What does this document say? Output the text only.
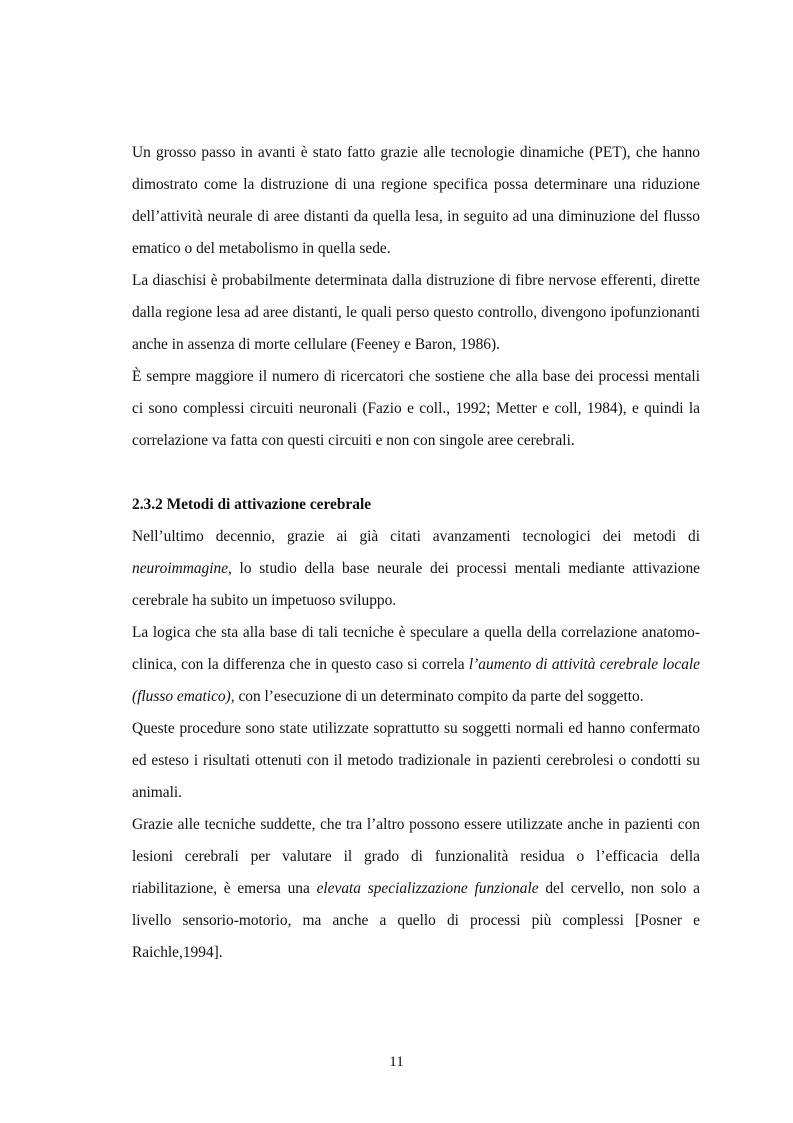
Un grosso passo in avanti è stato fatto grazie alle tecnologie dinamiche (PET), che hanno dimostrato come la distruzione di una regione specifica possa determinare una riduzione dell’attività neurale di aree distanti da quella lesa, in seguito ad una diminuzione del flusso ematico o del metabolismo in quella sede.

La diaschisi è probabilmente determinata dalla distruzione di fibre nervose efferenti, dirette dalla regione lesa ad aree distanti, le quali perso questo controllo, divengono ipofunzionanti anche in assenza di morte cellulare (Feeney e Baron, 1986).

È sempre maggiore il numero di ricercatori che sostiene che alla base dei processi mentali ci sono complessi circuiti neuronali (Fazio e coll., 1992; Metter e coll, 1984), e quindi la correlazione va fatta con questi circuiti e non con singole aree cerebrali.

2.3.2 Metodi di attivazione cerebrale

Nell’ultimo decennio, grazie ai già citati avanzamenti tecnologici dei metodi di neuroimmagine, lo studio della base neurale dei processi mentali mediante attivazione cerebrale ha subito un impetuoso sviluppo.

La logica che sta alla base di tali tecniche è speculare a quella della correlazione anatomo-clinica, con la differenza che in questo caso si correla l’aumento di attività cerebrale locale (flusso ematico), con l’esecuzione di un determinato compito da parte del soggetto.

Queste procedure sono state utilizzate soprattutto su soggetti normali ed hanno confermato ed esteso i risultati ottenuti con il metodo tradizionale in pazienti cerebrolesi o condotti su animali.

Grazie alle tecniche suddette, che tra l’altro possono essere utilizzate anche in pazienti con lesioni cerebrali per valutare il grado di funzionalità residua o l’efficacia della riabilitazione, è emersa una elevata specializzazione funzionale del cervello, non solo a livello sensorio-motorio, ma anche a quello di processi più complessi [Posner e Raichle,1994].

11
